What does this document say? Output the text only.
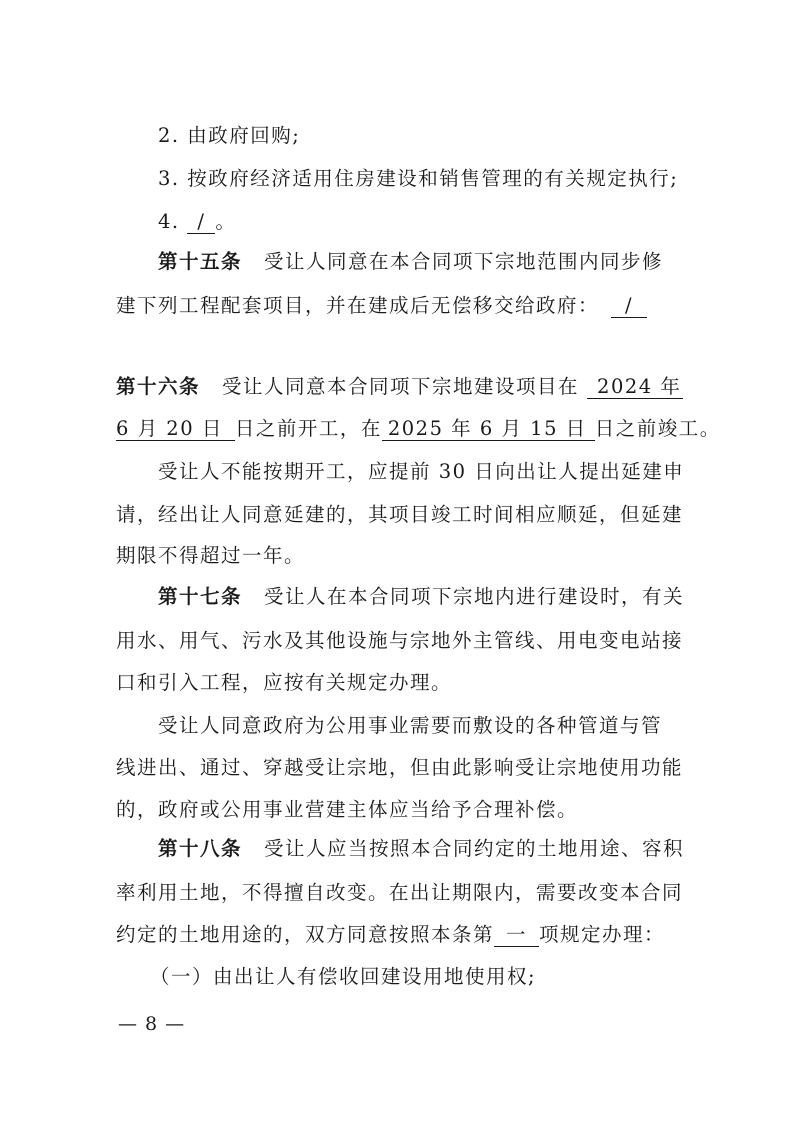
2. 由政府回购;
3. 按政府经济适用住房建设和销售管理的有关规定执行;
4. / 。
第十五条 受让人同意在本合同项下宗地范围内同步修
建下列工程配套项目，并在建成后无偿移交给政府： /
第十六条 受让人同意本合同项下宗地建设项目在 2024 年
6 月 20 日 日之前开工，在 2025 年 6 月 15 日 日之前竣工。
受让人不能按期开工，应提前 30 日向出让人提出延建申
请，经出让人同意延建的，其项目竣工时间相应顺延，但延建
期限不得超过一年。
第十七条 受让人在本合同项下宗地内进行建设时，有关
用水、用气、污水及其他设施与宗地外主管线、用电变电站接
口和引入工程，应按有关规定办理。
受让人同意政府为公用事业需要而敷设的各种管道与管
线进出、通过、穿越受让宗地，但由此影响受让宗地使用功能
的，政府或公用事业营建主体应当给予合理补偿。
第十八条 受让人应当按照本合同约定的土地用途、容积
率利用土地，不得擅自改变。在出让期限内，需要改变本合同
约定的土地用途的，双方同意按照本条第 一 项规定办理：
（一）由出让人有偿收回建设用地使用权;
— 8 —
